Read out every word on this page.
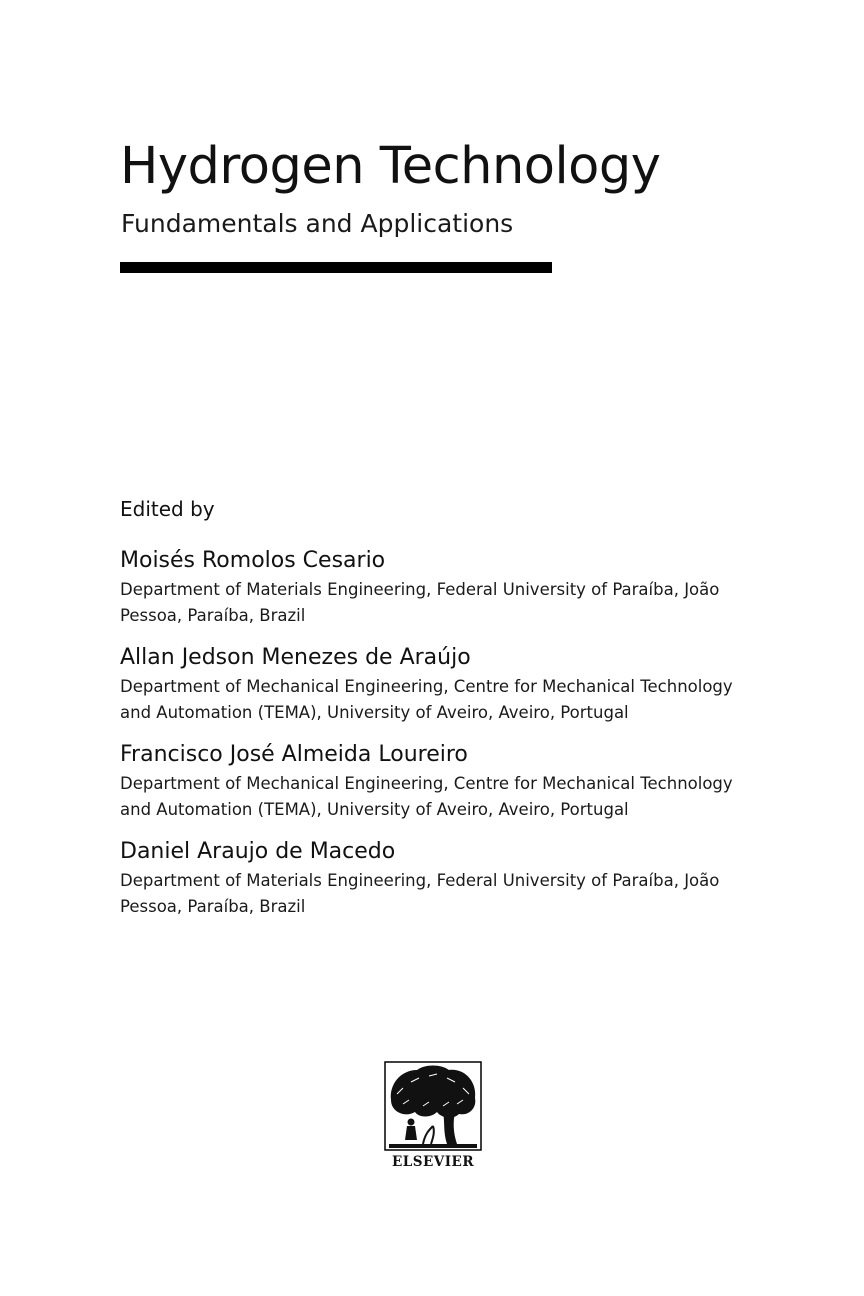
Hydrogen Technology
Fundamentals and Applications
Edited by
Moisés Romolos Cesario
Department of Materials Engineering, Federal University of Paraíba, João Pessoa, Paraíba, Brazil
Allan Jedson Menezes de Araújo
Department of Mechanical Engineering, Centre for Mechanical Technology and Automation (TEMA), University of Aveiro, Aveiro, Portugal
Francisco José Almeida Loureiro
Department of Mechanical Engineering, Centre for Mechanical Technology and Automation (TEMA), University of Aveiro, Aveiro, Portugal
Daniel Araujo de Macedo
Department of Materials Engineering, Federal University of Paraíba, João Pessoa, Paraíba, Brazil
ELSEVIER
